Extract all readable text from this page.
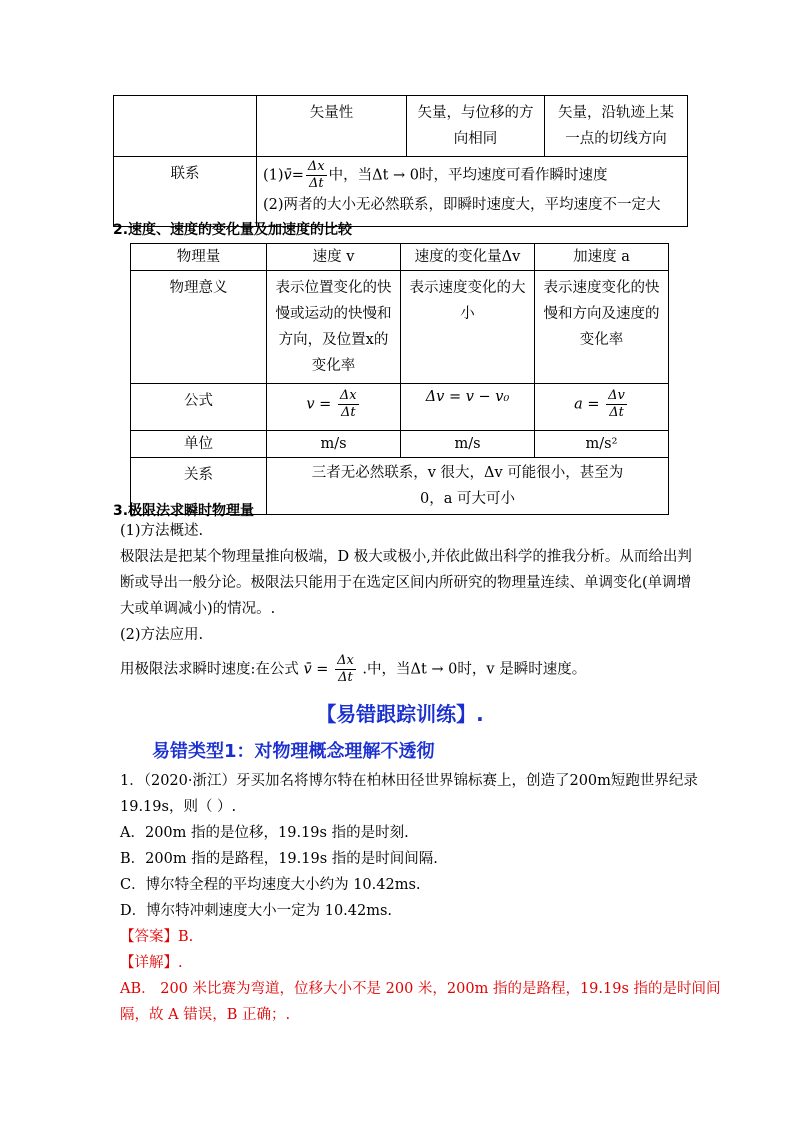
	矢量性	矢量，与位移的方向相同	矢量，沿轨迹上某一点的切线方向
联系	(1)v̄= $\frac{\Delta x}{\Delta t}$ 中，当Δt → 0时，平均速度可看作瞬时速度
(2)两者的大小无必然联系，即瞬时速度大，平均速度不一定大		
2.速度、速度的变化量及加速度的比较
物理量	速度 v	速度的变化量Δv	加速度 a
物理意义	表示位置变化的快慢或运动的快慢和方向，及位置x的变化率	表示速度变化的大小	表示速度变化的快慢和方向及速度的变化率
公式	$v = \frac{\Delta x}{\Delta t}$	Δv = v − v₀	$a = \frac{\Delta v}{\Delta t}$

单位	m/s	m/s	m/s²
关系	三者无必然联系，v 很大，Δv 可能很小，甚至为0，a 可大可小		
3.极限法求瞬时物理量
(1)方法概述.
极限法是把某个物理量推向极端，D 极大或极小,并依此做出科学的推我分析。从而给出判
断或导出一般分论。极限法只能用于在选定区间内所研究的物理量连续、单调变化(单调增
大或单调减小)的情况。.
(2)方法应用.
用极限法求瞬时速度:在公式 v̄ = $\frac{\Delta x}{\Delta t}$ .中，当Δt → 0时，v 是瞬时速度。
【易错跟踪训练】.
易错类型1：对物理概念理解不透彻
1．（2020·浙江）牙买加名将博尔特在柏林田径世界锦标赛上，创造了200m短跑世界纪录
19.19s，则（ ）.
A．200m 指的是位移，19.19s 指的是时刻.
B．200m 指的是路程，19.19s 指的是时间间隔.
C．博尔特全程的平均速度大小约为 10.42ms.
D．博尔特冲刺速度大小一定为 10.42ms.
【答案】B.
【详解】.
AB． 200 米比赛为弯道，位移大小不是 200 米，200m 指的是路程，19.19s 指的是时间间
隔，故 A 错误，B 正确；.
